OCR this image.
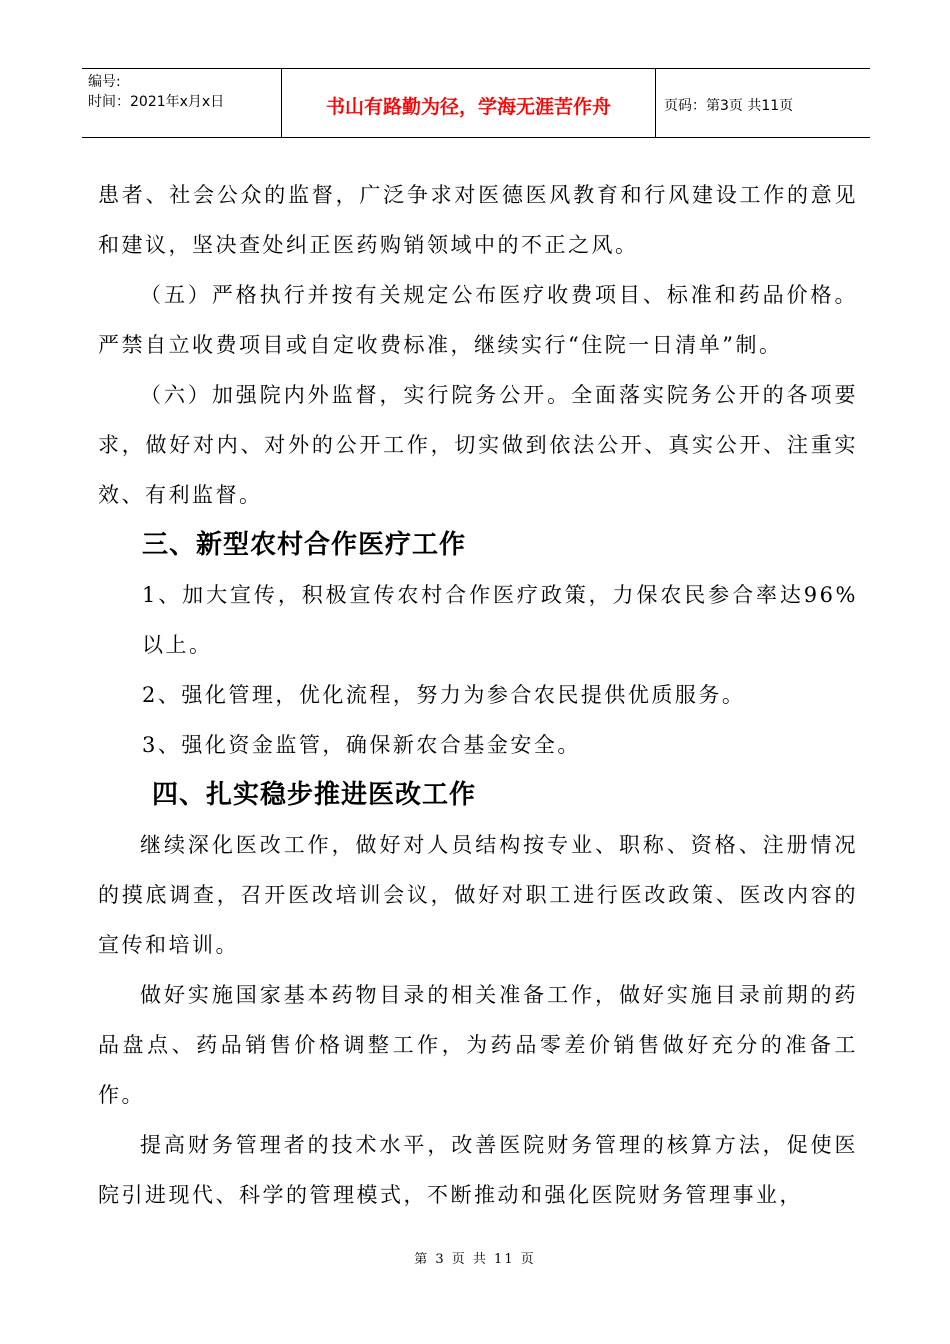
编号:
时间：2021年x月x日	书山有路勤为径，学海无涯苦作舟	页码：第3页 共11页

患者、社会公众的监督，广泛争求对医德医风教育和行风建设工作的意见和建议，坚决查处纠正医药购销领域中的不正之风。

（五）严格执行并按有关规定公布医疗收费项目、标准和药品价格。严禁自立收费项目或自定收费标准，继续实行“住院一日清单”制。

（六）加强院内外监督，实行院务公开。全面落实院务公开的各项要求，做好对内、对外的公开工作，切实做到依法公开、真实公开、注重实效、有利监督。

三、新型农村合作医疗工作

1、加大宣传，积极宣传农村合作医疗政策，力保农民参合率达96%以上。

2、强化管理，优化流程，努力为参合农民提供优质服务。

3、强化资金监管，确保新农合基金安全。

四、扎实稳步推进医改工作

继续深化医改工作，做好对人员结构按专业、职称、资格、注册情况的摸底调查，召开医改培训会议，做好对职工进行医改政策、医改内容的宣传和培训。

做好实施国家基本药物目录的相关准备工作，做好实施目录前期的药品盘点、药品销售价格调整工作，为药品零差价销售做好充分的准备工作。

提高财务管理者的技术水平，改善医院财务管理的核算方法，促使医院引进现代、科学的管理模式，不断推动和强化医院财务管理事业，

第 3 页 共 11 页
